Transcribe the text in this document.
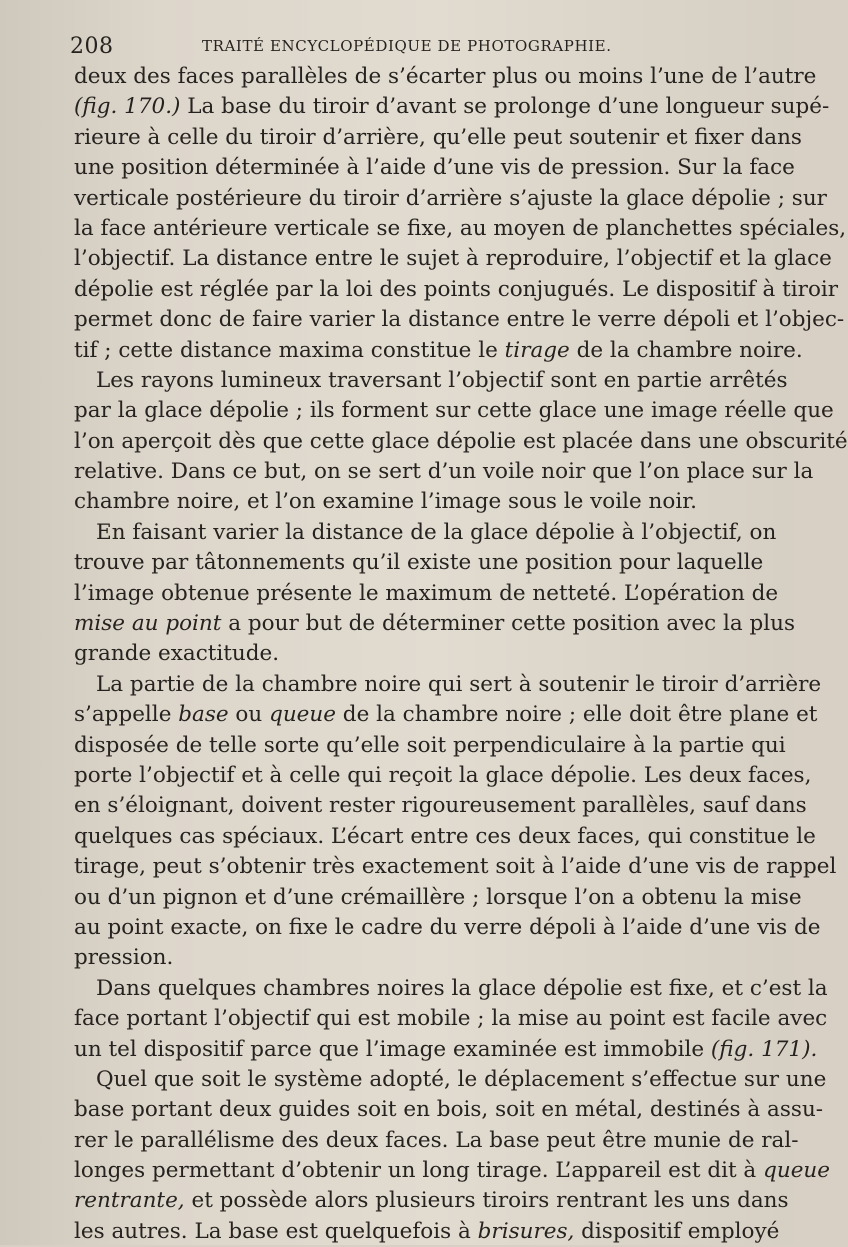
208	TRAITÉ ENCYCLOPÉDIQUE DE PHOTOGRAPHIE.
deux des faces parallèles de s’écarter plus ou moins l’une de l’autre
(fig. 170.) La base du tiroir d’avant se prolonge d’une longueur supé-
rieure à celle du tiroir d’arrière, qu’elle peut soutenir et fixer dans
une position déterminée à l’aide d’une vis de pression. Sur la face
verticale postérieure du tiroir d’arrière s’ajuste la glace dépolie ; sur
la face antérieure verticale se fixe, au moyen de planchettes spéciales,
l’objectif. La distance entre le sujet à reproduire, l’objectif et la glace
dépolie est réglée par la loi des points conjugués. Le dispositif à tiroir
permet donc de faire varier la distance entre le verre dépoli et l’objec-
tif ; cette distance maxima constitue le tirage de la chambre noire.
Les rayons lumineux traversant l’objectif sont en partie arrêtés
par la glace dépolie ; ils forment sur cette glace une image réelle que
l’on aperçoit dès que cette glace dépolie est placée dans une obscurité
relative. Dans ce but, on se sert d’un voile noir que l’on place sur la
chambre noire, et l’on examine l’image sous le voile noir.
En faisant varier la distance de la glace dépolie à l’objectif, on
trouve par tâtonnements qu’il existe une position pour laquelle
l’image obtenue présente le maximum de netteté. L’opération de
mise au point a pour but de déterminer cette position avec la plus
grande exactitude.
La partie de la chambre noire qui sert à soutenir le tiroir d’arrière
s’appelle base ou queue de la chambre noire ; elle doit être plane et
disposée de telle sorte qu’elle soit perpendiculaire à la partie qui
porte l’objectif et à celle qui reçoit la glace dépolie. Les deux faces,
en s’éloignant, doivent rester rigoureusement parallèles, sauf dans
quelques cas spéciaux. L’écart entre ces deux faces, qui constitue le
tirage, peut s’obtenir très exactement soit à l’aide d’une vis de rappel
ou d’un pignon et d’une crémaillère ; lorsque l’on a obtenu la mise
au point exacte, on fixe le cadre du verre dépoli à l’aide d’une vis de
pression.
Dans quelques chambres noires la glace dépolie est fixe, et c’est la
face portant l’objectif qui est mobile ; la mise au point est facile avec
un tel dispositif parce que l’image examinée est immobile (fig. 171).
Quel que soit le système adopté, le déplacement s’effectue sur une
base portant deux guides soit en bois, soit en métal, destinés à assu-
rer le parallélisme des deux faces. La base peut être munie de ral-
longes permettant d’obtenir un long tirage. L’appareil est dit à queue
rentrante, et possède alors plusieurs tiroirs rentrant les uns dans
les autres. La base est quelquefois à brisures, dispositif employé
